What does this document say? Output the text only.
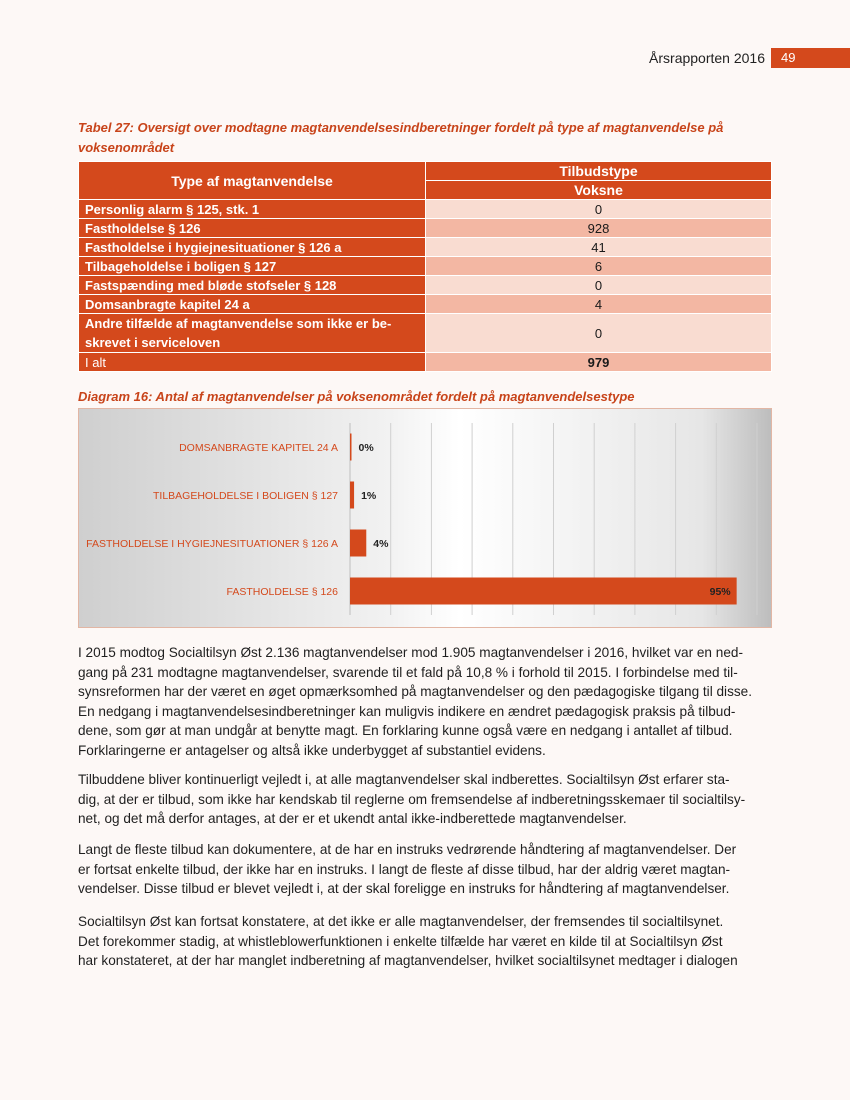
Årsrapporten 2016	49
Tabel 27: Oversigt over modtagne magtanvendelsesindberetninger fordelt på type af magtanvendelse på
voksenområdet
Type af magtanvendelse	Tilbudstype
	Voksne
Personlig alarm § 125, stk. 1	0
Fastholdelse § 126	928
Fastholdelse i hygiejnesituationer § 126 a	41
Tilbageholdelse i boligen § 127	6
Fastspænding med bløde stofseler § 128	0
Domsanbragte kapitel 24 a	4

Andre tilfælde af magtanvendelse som ikke er be-
skrevet i serviceloven	0
I alt	979
Diagram 16: Antal af magtanvendelser på voksenområdet fordelt på magtanvendelsestype
DOMSANBRAGTE KAPITEL 24 A 0%
TILBAGEHOLDELSE I BOLIGEN § 127 1%
FASTHOLDELSE I HYGIEJNESITUATIONER § 126 A	4%
FASTHOLDELSE § 126	95%
I 2015 modtog Socialtilsyn Øst 2.136 magtanvendelser mod 1.905 magtanvendelser i 2016, hvilket var en ned-
gang på 231 modtagne magtanvendelser, svarende til et fald på 10,8 % i forhold til 2015. I forbindelse med til-
synsreformen har der været en øget opmærksomhed på magtanvendelser og den pædagogiske tilgang til disse.
En nedgang i magtanvendelsesindberetninger kan muligvis indikere en ændret pædagogisk praksis på tilbud-
dene, som gør at man undgår at benytte magt. En forklaring kunne også være en nedgang i antallet af tilbud.
Forklaringerne er antagelser og altså ikke underbygget af substantiel evidens.
Tilbuddene bliver kontinuerligt vejledt i, at alle magtanvendelser skal indberettes. Socialtilsyn Øst erfarer sta-
dig, at der er tilbud, som ikke har kendskab til reglerne om fremsendelse af indberetningsskemaer til socialtilsy-
net, og det må derfor antages, at der er et ukendt antal ikke-indberettede magtanvendelser.
Langt de fleste tilbud kan dokumentere, at de har en instruks vedrørende håndtering af magtanvendelser. Der
er fortsat enkelte tilbud, der ikke har en instruks. I langt de fleste af disse tilbud, har der aldrig været magtan-
vendelser. Disse tilbud er blevet vejledt i, at der skal foreligge en instruks for håndtering af magtanvendelser.
Socialtilsyn Øst kan fortsat konstatere, at det ikke er alle magtanvendelser, der fremsendes til socialtilsynet.
Det forekommer stadig, at whistleblowerfunktionen i enkelte tilfælde har været en kilde til at Socialtilsyn Øst
har konstateret, at der har manglet indberetning af magtanvendelser, hvilket socialtilsynet medtager i dialogen
